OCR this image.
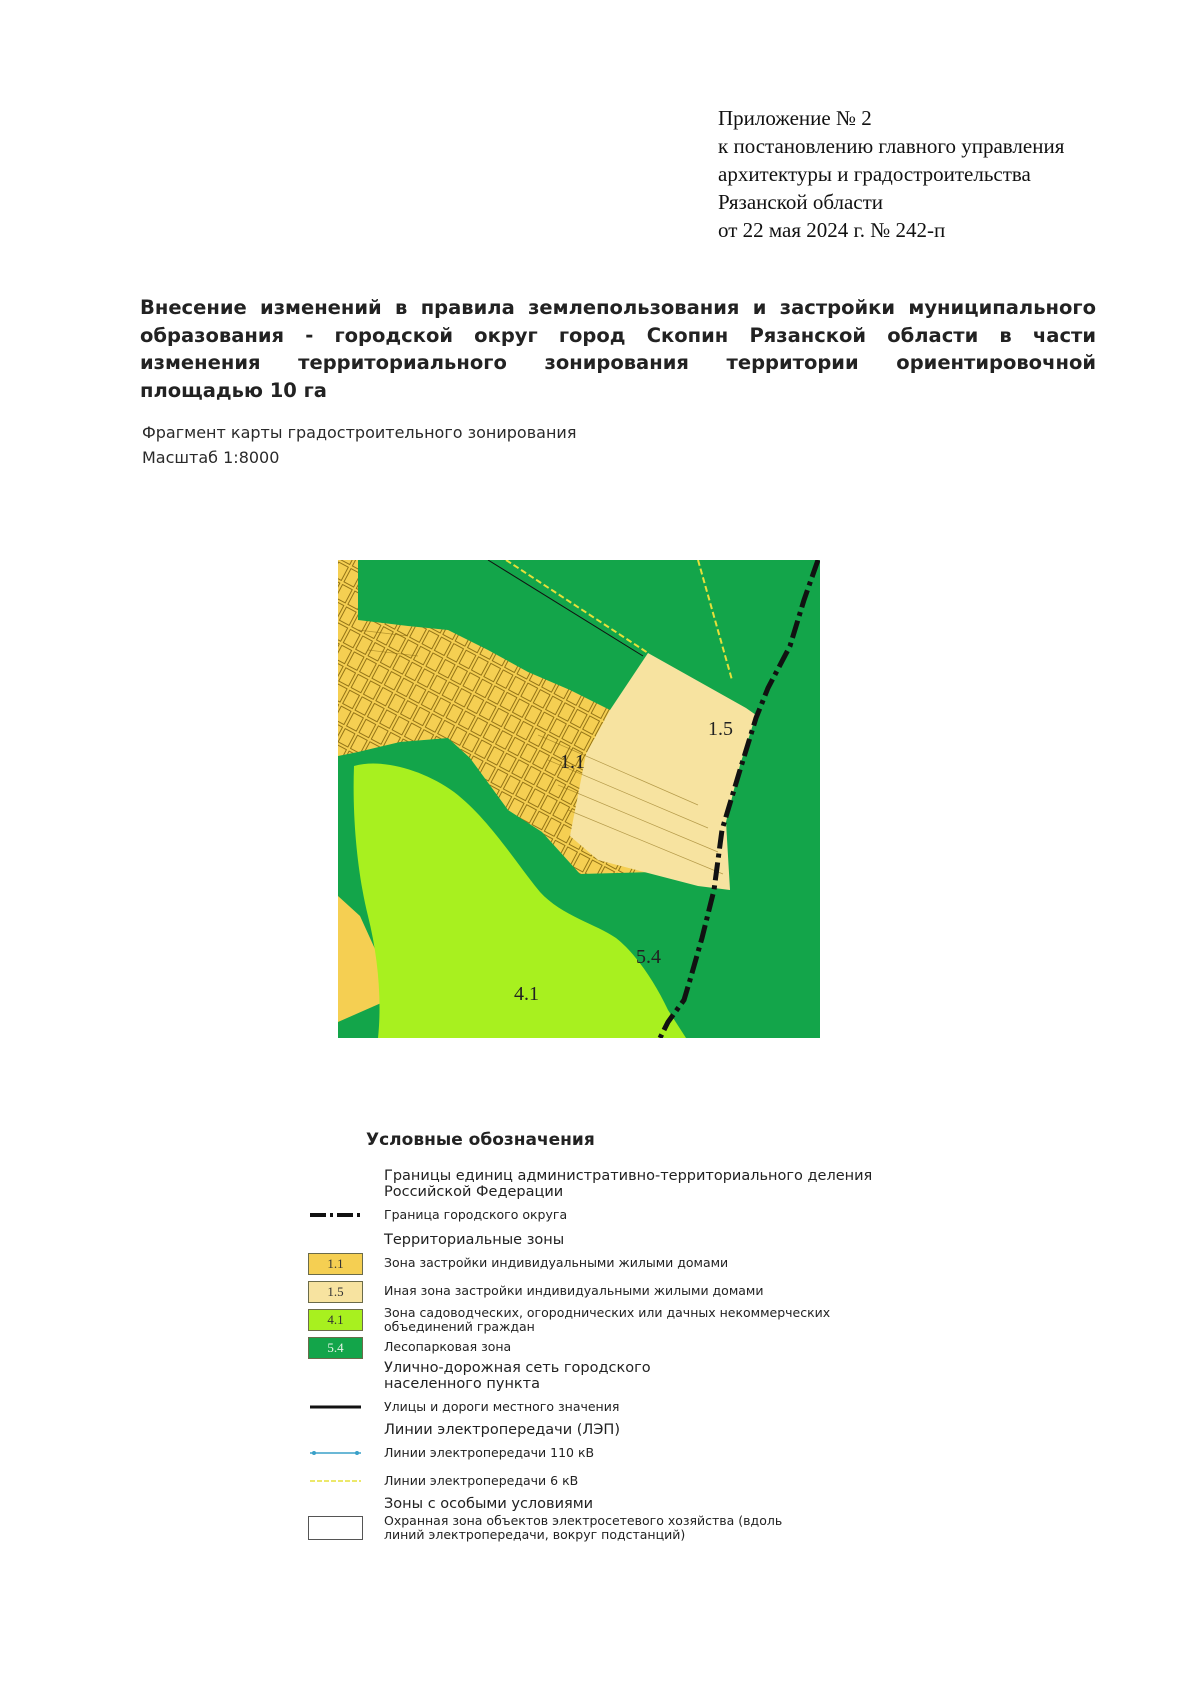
Приложение № 2
к постановлению главного управления
архитектуры и градостроительства
Рязанской области
от 22 мая 2024 г. № 242-п
Внесение изменений в правила землепользования и застройки муниципального
образования - городской округ город Скопин Рязанской области в части
изменения территориального зонирования территории ориентировочной
площадью 10 га
Фрагмент карты градостроительного зонирования
Масштаб 1:8000
1.5
1.1
5.4
4.1
Условные обозначения
Границы единиц административно-территориального деления Российской Федерации
Граница городского округа
Территориальные зоны
1.1	Зона застройки индивидуальными жилыми домами
1.5	Иная зона застройки индивидуальными жилыми домами
4.1	Зона садоводческих, огороднических или дачных некоммерческих объединений граждан
5.4	Лесопарковая зона
Улично-дорожная сеть городского населенного пункта
Улицы и дороги местного значения
Линии электропередачи (ЛЭП)
Линии электропередачи 110 кВ
Линии электропередачи 6 кВ
Зоны с особыми условиями
Охранная зона объектов электросетевого хозяйства (вдоль линий электропередачи, вокруг подстанций)
